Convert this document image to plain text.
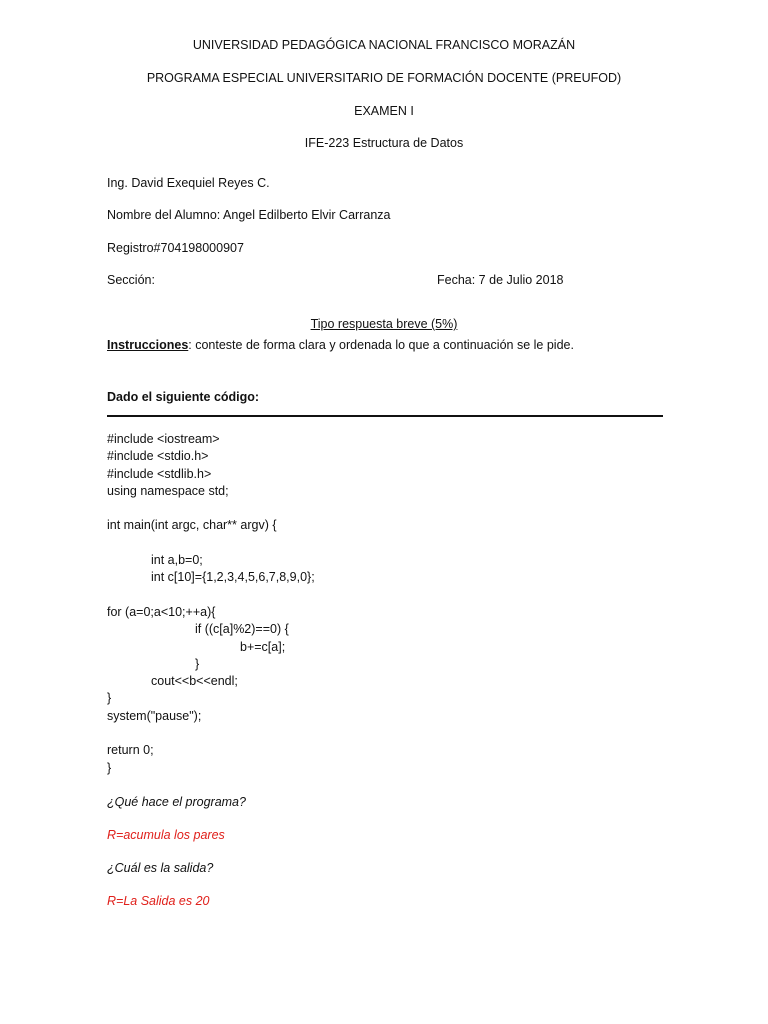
UNIVERSIDAD PEDAGÓGICA NACIONAL FRANCISCO MORAZÁN
PROGRAMA ESPECIAL UNIVERSITARIO DE FORMACIÓN DOCENTE (PREUFOD)
EXAMEN I
IFE-223 Estructura de Datos
Ing. David Exequiel Reyes C.
Nombre del Alumno: Angel Edilberto Elvir Carranza
Registro#704198000907
Sección:	Fecha: 7 de Julio 2018
Tipo respuesta breve (5%)
Instrucciones: conteste de forma clara y ordenada lo que a continuación se le pide.
Dado el siguiente código:
#include <iostream>
#include <stdio.h>
#include <stdlib.h>
using namespace std;
int main(int argc, char** argv) {
int a,b=0;
int c[10]={1,2,3,4,5,6,7,8,9,0};
for (a=0;a<10;++a){
if ((c[a]%2)==0) {
b+=c[a];
}
cout<<b<<endl;
}
system("pause");
return 0;
}
¿Qué hace el programa?
R=acumula los pares
¿Cuál es la salida?
R=La Salida es 20
